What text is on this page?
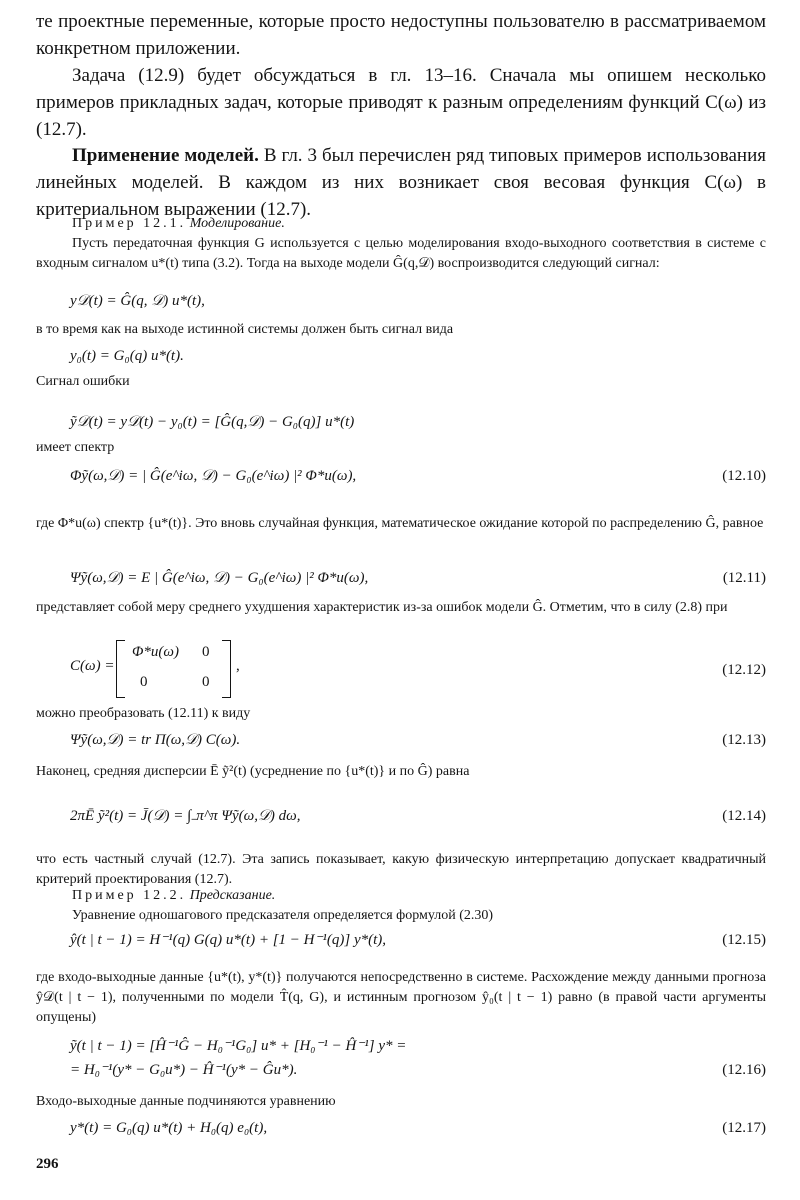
те проектные переменные, которые просто недоступны пользователю в рассматриваемом конкретном приложении.

Задача (12.9) будет обсуждаться в гл. 13–16. Сначала мы опишем несколько примеров прикладных задач, которые приводят к разным определениям функций C(ω) из (12.7).

Применение моделей. В гл. 3 был перечислен ряд типовых примеров использования линейных моделей. В каждом из них возникает своя весовая функция C(ω) в критериальном выражении (12.7).

Пример 12.1. Моделирование.

Пусть передаточная функция G используется с целью моделирования входо-выходного соответствия в системе с входным сигналом u*(t) типа (3.2). Тогда на выходе модели Ĝ(q,𝒟) воспроизводится следующий сигнал:

y𝒟(t) = Ĝ(q, 𝒟) u*(t),

в то время как на выходе истинной системы должен быть сигнал вида

y₀(t) = G₀(q) u*(t).

Сигнал ошибки

ỹ𝒟(t) = y𝒟(t) − y₀(t) = [Ĝ(q,𝒟) − G₀(q)] u*(t)

имеет спектр

Φỹ(ω,𝒟) = | Ĝ(e^iω, 𝒟) − G₀(e^iω) |² Φ*u(ω),	(12.10)

где Φ*u(ω) спектр {u*(t)}. Это вновь случайная функция, математическое ожидание которой по распределению Ĝ, равное

Ψỹ(ω,𝒟) = E | Ĝ(e^iω, 𝒟) − G₀(e^iω) |² Φ*u(ω),	(12.11)

представляет собой меру среднего ухудшения характеристик из-за ошибок модели Ĝ. Отметим, что в силу (2.8) при

C(ω) =
Φ*u(ω) 0
0	0
,	(12.12)

можно преобразовать (12.11) к виду

Ψỹ(ω,𝒟) = tr Π(ω,𝒟) C(ω).	(12.13)

Наконец, средняя дисперсии Ē ỹ²(t) (усреднение по {u*(t)} и по Ĝ) равна

2πĒ ỹ²(t) = J̄(𝒟) = ∫₋π^π Ψỹ(ω,𝒟) dω,	(12.14)

что есть частный случай (12.7). Эта запись показывает, какую физическую интерпретацию допускает квадратичный критерий проектирования (12.7).

Пример 12.2. Предсказание.

Уравнение одношагового предсказателя определяется формулой (2.30)

ŷ(t | t − 1) = H⁻¹(q) G(q) u*(t) + [1 − H⁻¹(q)] y*(t),	(12.15)

где входо-выходные данные {u*(t), y*(t)} получаются непосредственно в системе. Расхождение между данными прогноза ŷ𝒟(t | t − 1), полученными по модели T̂(q, G), и истинным прогнозом ŷ₀(t | t − 1) равно (в правой части аргументы опущены)

ỹ(t | t − 1) = [Ĥ⁻¹Ĝ − H₀⁻¹G₀] u* + [H₀⁻¹ − Ĥ⁻¹] y* =
= H₀⁻¹(y* − G₀u*) − Ĥ⁻¹(y* − Ĝu*).	(12.16)

Входо-выходные данные подчиняются уравнению

y*(t) = G₀(q) u*(t) + H₀(q) e₀(t),	(12.17)
296
